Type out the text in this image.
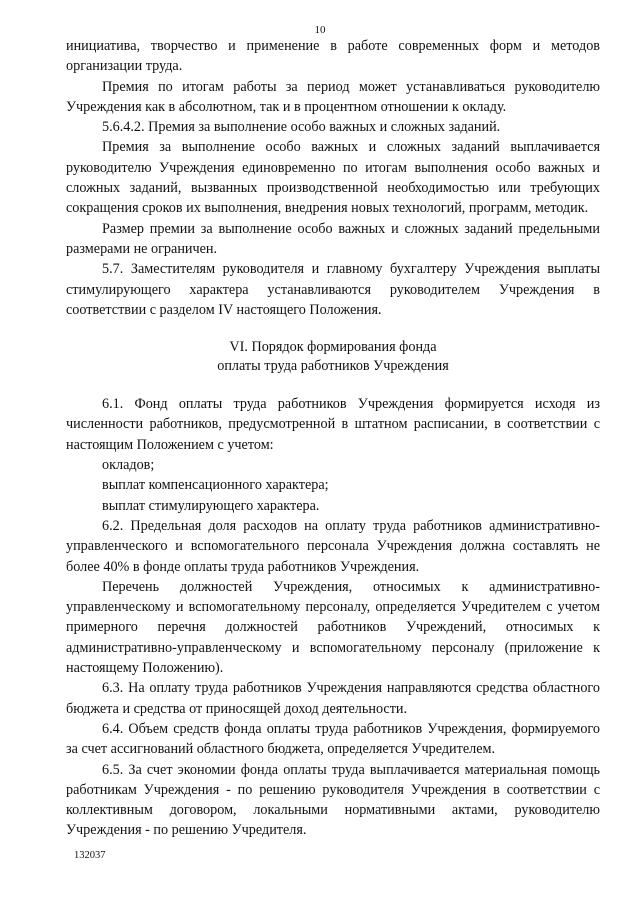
10

инициатива, творчество и применение в работе современных форм и методов организации труда.

Премия по итогам работы за период может устанавливаться руководителю Учреждения как в абсолютном, так и в процентном отношении к окладу.

5.6.4.2. Премия за выполнение особо важных и сложных заданий.

Премия за выполнение особо важных и сложных заданий выплачивается руководителю Учреждения единовременно по итогам выполнения особо важных и сложных заданий, вызванных производственной необходимостью или требующих сокращения сроков их выполнения, внедрения новых технологий, программ, методик.

Размер премии за выполнение особо важных и сложных заданий предельными размерами не ограничен.

5.7. Заместителям руководителя и главному бухгалтеру Учреждения выплаты стимулирующего характера устанавливаются руководителем Учреждения в соответствии с разделом IV настоящего Положения.

VI. Порядок формирования фонда
оплаты труда работников Учреждения

6.1. Фонд оплаты труда работников Учреждения формируется исходя из численности работников, предусмотренной в штатном расписании, в соответствии с настоящим Положением с учетом:

окладов;

выплат компенсационного характера;

выплат стимулирующего характера.

6.2. Предельная доля расходов на оплату труда работников административно-управленческого и вспомогательного персонала Учреждения должна составлять не более 40% в фонде оплаты труда работников Учреждения.

Перечень должностей Учреждения, относимых к административно-управленческому и вспомогательному персоналу, определяется Учредителем с учетом примерного перечня должностей работников Учреждений, относимых к административно-управленческому и вспомогательному персоналу (приложение к настоящему Положению).

6.3. На оплату труда работников Учреждения направляются средства областного бюджета и средства от приносящей доход деятельности.

6.4. Объем средств фонда оплаты труда работников Учреждения, формируемого за счет ассигнований областного бюджета, определяется Учредителем.

6.5. За счет экономии фонда оплаты труда выплачивается материальная помощь работникам Учреждения - по решению руководителя Учреждения в соответствии с коллективным договором, локальными нормативными актами, руководителю Учреждения - по решению Учредителя.

132037
